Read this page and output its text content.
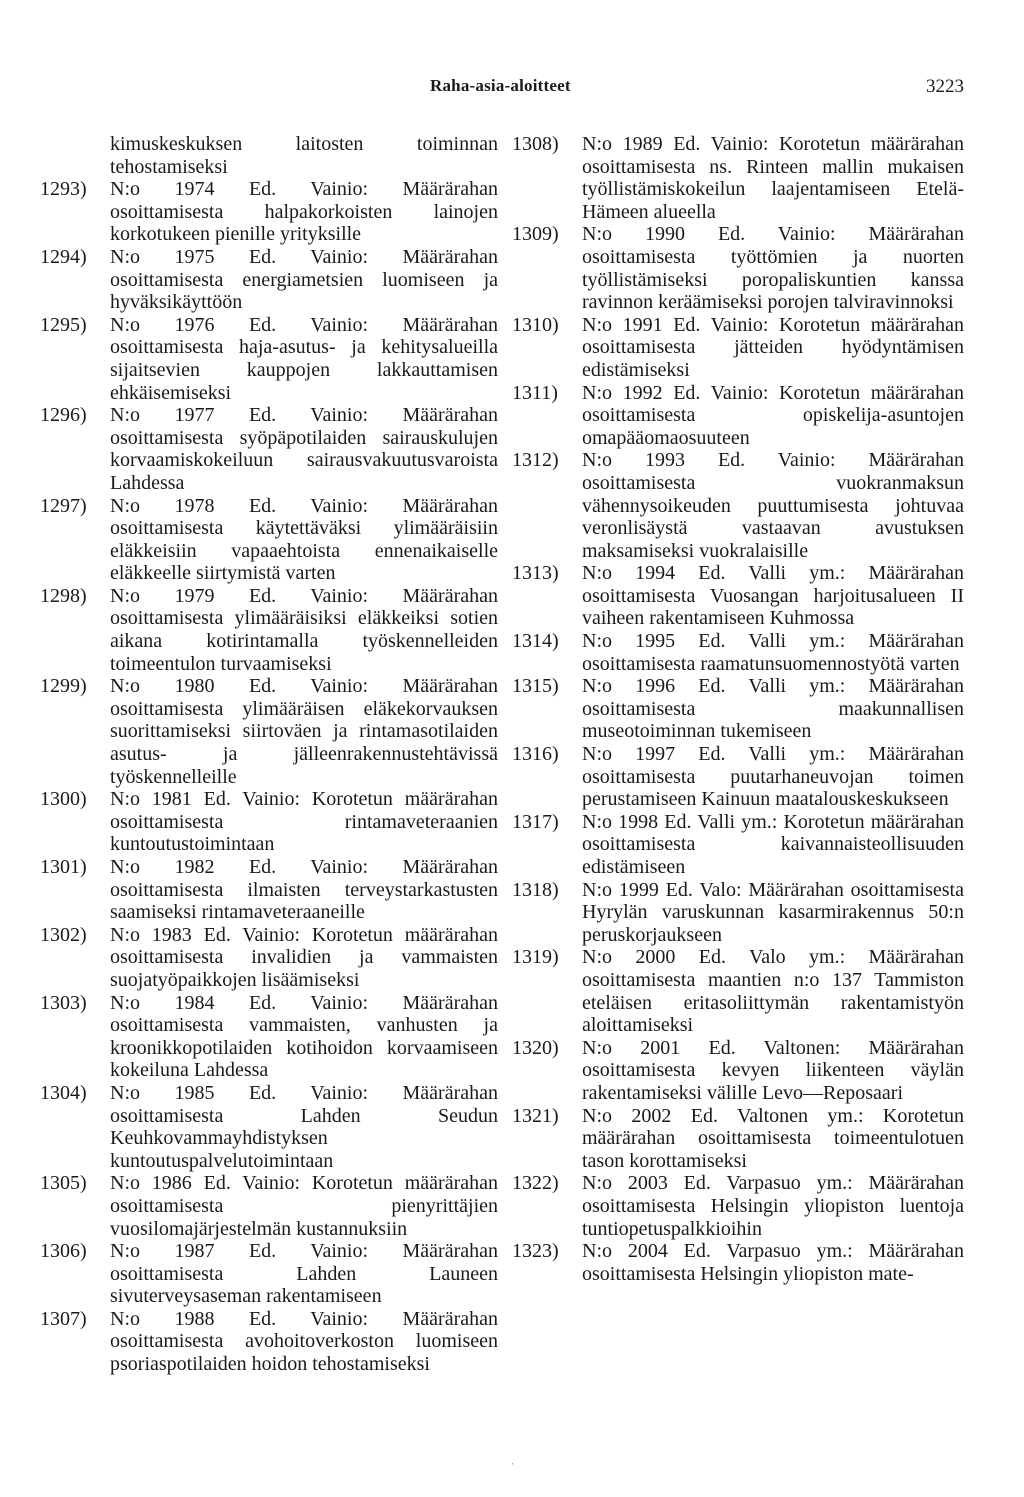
Raha-asia-aloitteet	3223
kimuskeskuksen laitosten toiminnan tehostamiseksi
1293)	N:o 1974 Ed. Vainio: Määrärahan osoittamisesta halpakorkoisten lainojen korkotukeen pienille yrityksille
1294)	N:o 1975 Ed. Vainio: Määrärahan osoittamisesta energiametsien luomiseen ja hyväksikäyttöön
1295)	N:o 1976 Ed. Vainio: Määrärahan osoittamisesta haja-asutus- ja kehitysalueilla sijaitsevien kauppojen lakkauttamisen ehkäisemiseksi
1296)	N:o 1977 Ed. Vainio: Määrärahan osoittamisesta syöpäpotilaiden sairauskulujen korvaamiskokeiluun sairausvakuutusvaroista Lahdessa
1297)	N:o 1978 Ed. Vainio: Määrärahan osoittamisesta käytettäväksi ylimääräisiin eläkkeisiin vapaaehtoista ennenaikaiselle eläkkeelle siirtymistä varten
1298)	N:o 1979 Ed. Vainio: Määrärahan osoittamisesta ylimääräisiksi eläkkeiksi sotien aikana kotirintamalla työskennelleiden toimeentulon turvaamiseksi
1299)	N:o 1980 Ed. Vainio: Määrärahan osoittamisesta ylimääräisen eläkekorvauksen suorittamiseksi siirtoväen ja rintamasotilaiden asutus- ja jälleenrakennustehtävissä työskennelleille
1300)	N:o 1981 Ed. Vainio: Korotetun määrärahan osoittamisesta rintamaveteraanien kuntoutustoimintaan
1301)	N:o 1982 Ed. Vainio: Määrärahan osoittamisesta ilmaisten terveystarkastusten saamiseksi rintamaveteraaneille
1302)	N:o 1983 Ed. Vainio: Korotetun määrärahan osoittamisesta invalidien ja vammaisten suojatyöpaikkojen lisäämiseksi
1303)	N:o 1984 Ed. Vainio: Määrärahan osoittamisesta vammaisten, vanhusten ja kroonikkopotilaiden kotihoidon korvaamiseen kokeiluna Lahdessa
1304)	N:o 1985 Ed. Vainio: Määrärahan osoittamisesta Lahden Seudun Keuhkovammayhdistyksen kuntoutuspalvelutoimintaan
1305)	N:o 1986 Ed. Vainio: Korotetun määrärahan osoittamisesta pienyrittäjien vuosilomajärjestelmän kustannuksiin
1306)	N:o 1987 Ed. Vainio: Määrärahan osoittamisesta Lahden Launeen sivuterveysaseman rakentamiseen
1307)	N:o 1988 Ed. Vainio: Määrärahan osoittamisesta avohoitoverkoston luomiseen psoriaspotilaiden hoidon tehostamiseksi
1308)	N:o 1989 Ed. Vainio: Korotetun määrärahan osoittamisesta ns. Rinteen mallin mukaisen työllistämiskokeilun laajentamiseen Etelä-Hämeen alueella
1309)	N:o 1990 Ed. Vainio: Määrärahan osoittamisesta työttömien ja nuorten työllistämiseksi poropaliskuntien kanssa ravinnon keräämiseksi porojen talviravinnoksi
1310)	N:o 1991 Ed. Vainio: Korotetun määrärahan osoittamisesta jätteiden hyödyntämisen edistämiseksi
1311)	N:o 1992 Ed. Vainio: Korotetun määrärahan osoittamisesta opiskelija-asuntojen omapääomaosuuteen
1312)	N:o 1993 Ed. Vainio: Määrärahan osoittamisesta vuokranmaksun vähennysoikeuden puuttumisesta johtuvaa veronlisäystä vastaavan avustuksen maksamiseksi vuokralaisille
1313)	N:o 1994 Ed. Valli ym.: Määrärahan osoittamisesta Vuosangan harjoitusalueen II vaiheen rakentamiseen Kuhmossa
1314)	N:o 1995 Ed. Valli ym.: Määrärahan osoittamisesta raamatunsuomennostyötä varten
1315)	N:o 1996 Ed. Valli ym.: Määrärahan osoittamisesta maakunnallisen museotoiminnan tukemiseen
1316)	N:o 1997 Ed. Valli ym.: Määrärahan osoittamisesta puutarhaneuvojan toimen perustamiseen Kainuun maatalouskeskukseen
1317)	N:o 1998 Ed. Valli ym.: Korotetun määrärahan osoittamisesta kaivannaisteollisuuden edistämiseen
1318)	N:o 1999 Ed. Valo: Määrärahan osoittamisesta Hyrylän varuskunnan kasarmirakennus 50:n peruskorjaukseen
1319)	N:o 2000 Ed. Valo ym.: Määrärahan osoittamisesta maantien n:o 137 Tammiston eteläisen eritasoliittymän rakentamistyön aloittamiseksi
1320)	N:o 2001 Ed. Valtonen: Määrärahan osoittamisesta kevyen liikenteen väylän rakentamiseksi välille Levo—Reposaari
1321)	N:o 2002 Ed. Valtonen ym.: Korotetun määrärahan osoittamisesta toimeentulotuen tason korottamiseksi
1322)	N:o 2003 Ed. Varpasuo ym.: Määrärahan osoittamisesta Helsingin yliopiston luentoja tuntiopetuspalkkioihin
1323)	N:o 2004 Ed. Varpasuo ym.: Määrärahan osoittamisesta Helsingin yliopiston mate-
ˈ
